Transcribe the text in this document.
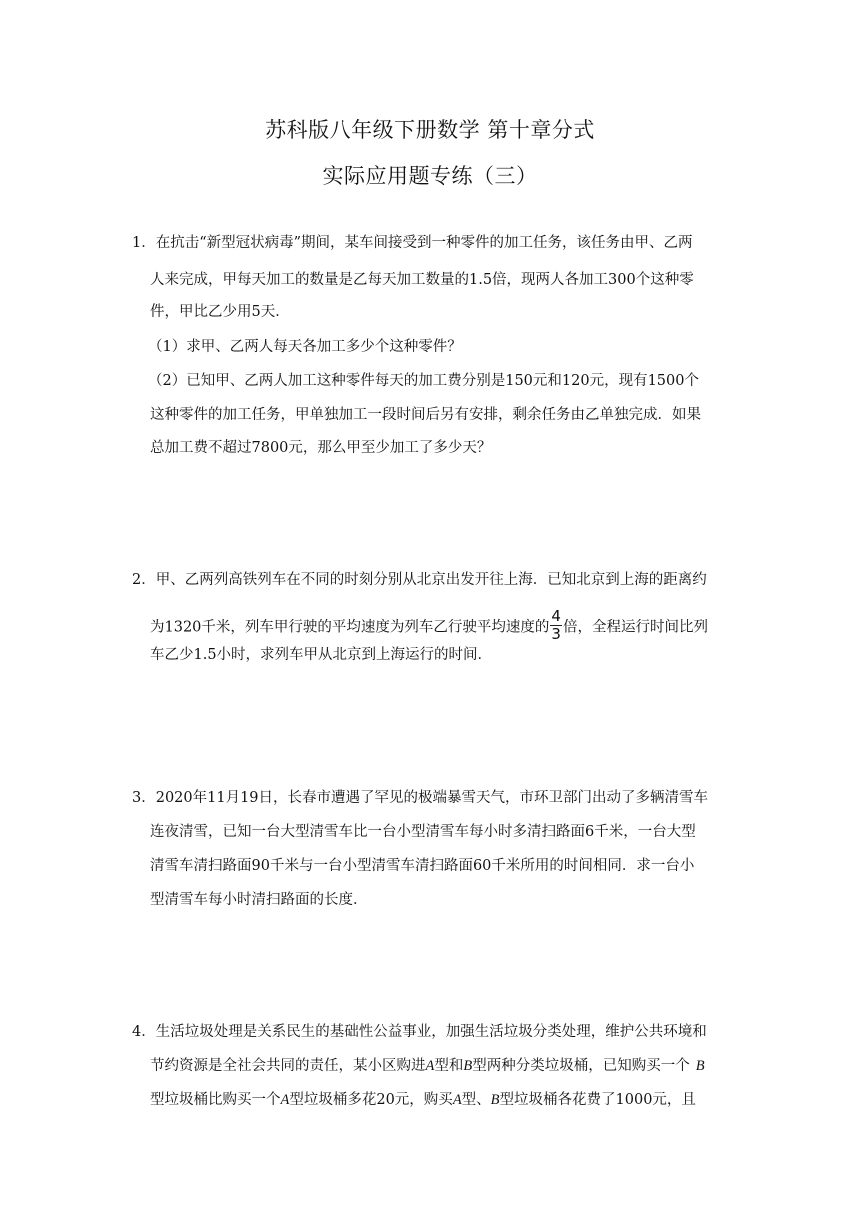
苏科版八年级下册数学 第十章分式
实际应用题专练（三）
1．在抗击“新型冠状病毒”期间，某车间接受到一种零件的加工任务，该任务由甲、乙两
人来完成，甲每天加工的数量是乙每天加工数量的1.5倍，现两人各加工300个这种零
件，甲比乙少用5天．
（1）求甲、乙两人每天各加工多少个这种零件？
（2）已知甲、乙两人加工这种零件每天的加工费分别是150元和120元，现有1500个
这种零件的加工任务，甲单独加工一段时间后另有安排，剩余任务由乙单独完成．如果
总加工费不超过7800元，那么甲至少加工了多少天？
2．甲、乙两列高铁列车在不同的时刻分别从北京出发开往上海．已知北京到上海的距离约
为1320千米，列车甲行驶的平均速度为列车乙行驶平均速度的 $\frac{4}{3}$ 倍，全程运行时间比列
车乙少1.5小时，求列车甲从北京到上海运行的时间．
3．2020年11月19日，长春市遭遇了罕见的极端暴雪天气，市环卫部门出动了多辆清雪车
连夜清雪，已知一台大型清雪车比一台小型清雪车每小时多清扫路面6千米，一台大型
清雪车清扫路面90千米与一台小型清雪车清扫路面60千米所用的时间相同．求一台小
型清雪车每小时清扫路面的长度．
4．生活垃圾处理是关系民生的基础性公益事业，加强生活垃圾分类处理，维护公共环境和
节约资源是全社会共同的责任，某小区购进A型和B型两种分类垃圾桶，已知购买一个 B
型垃圾桶比购买一个A型垃圾桶多花20元，购买A型、B型垃圾桶各花费了1000元，且
